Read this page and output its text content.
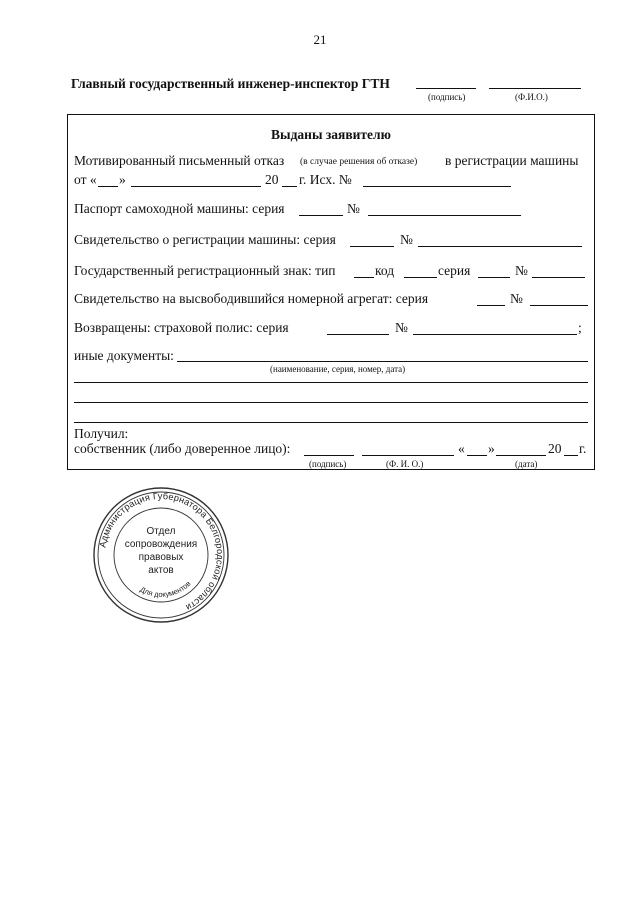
21
Главный государственный инженер-инспектор ГТН
(подпись)	(Ф.И.О.)
Выданы заявителю
Мотивированный письменный отказ (в случае решения об отказе) в регистрации машины
от « »	20 г. Исх. №
Паспорт самоходной машины: серия	№
Свидетельство о регистрации машины: серия	№
Государственный регистрационный знак: тип	код	серия	№
Свидетельство на высвободившийся номерной агрегат: серия	№
Возвращены: страховой полис: серия	№	;
иные документы:
(наименование, серия, номер, дата)
Получил:
собственник (либо доверенное лицо):	« »	20 г.
(подпись)	(Ф. И. О.)	(дата)
Администрация Губернатора Белгородской области
Для документов
Отдел
сопровождения
правовых
актов
